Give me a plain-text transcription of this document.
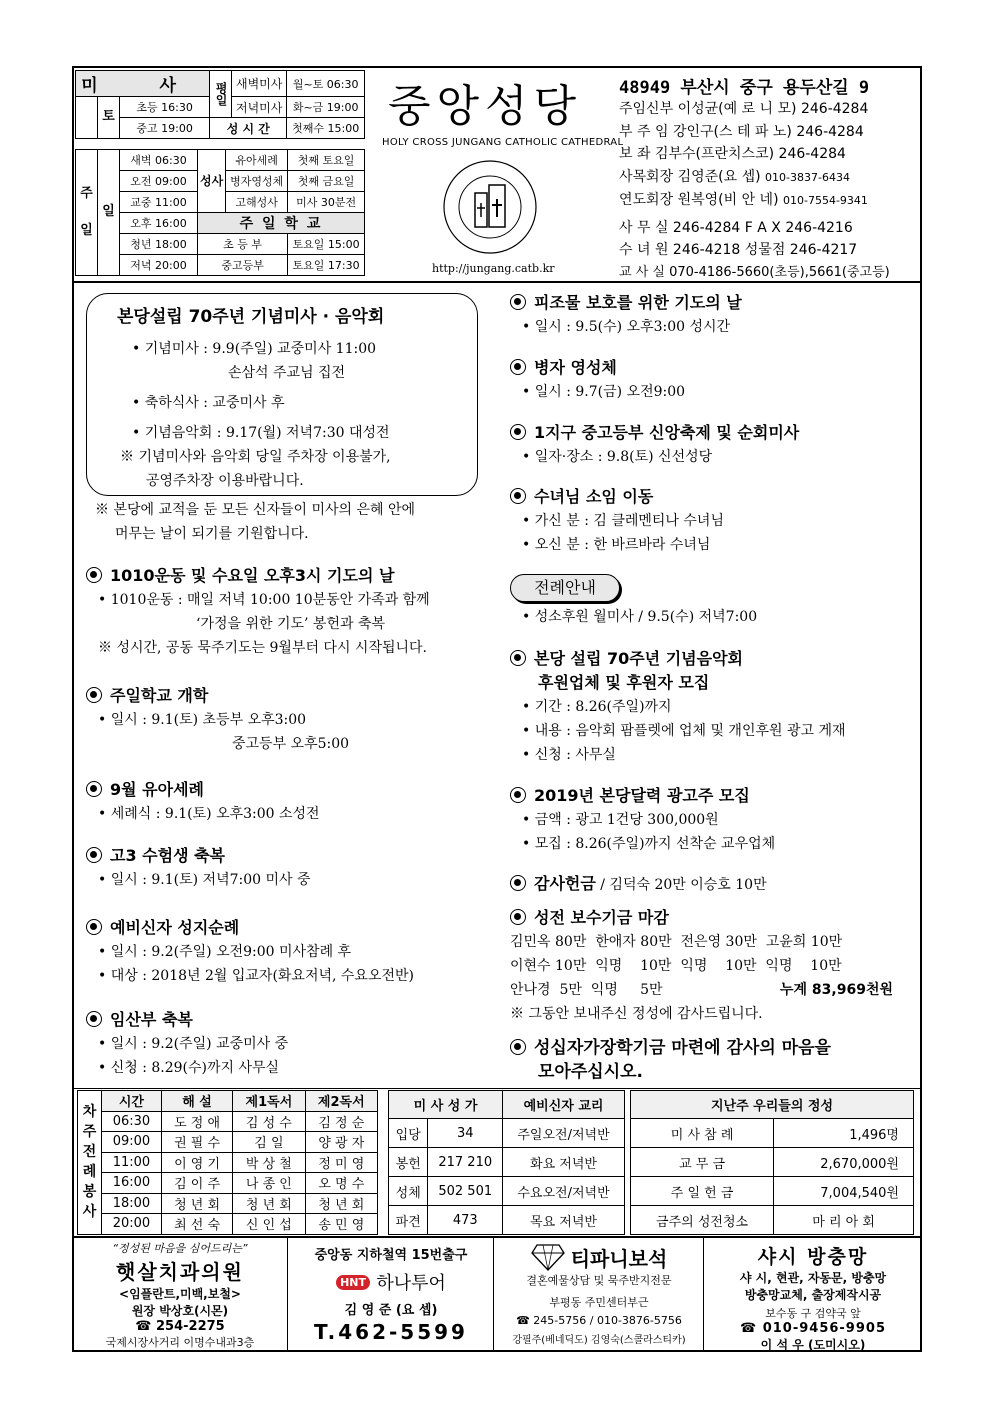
미 사			평일	새벽미사	월~토 06:30
	토	초등 16:30		저녁미사	화~금 19:00
		중고 19:00	성 시 간		첫째수 15:00
주

일	일	새벽 06:30	성사	유아세례	첫째 토요일
		오전 09:00		병자영성체	첫째 금요일
		교중 11:00		고해성사	미사 30분전
		오후 16:00	주 일 학 교		
		청년 18:00	초 등 부		토요일 15:00
		저녁 20:00	중고등부		토요일 17:30
중앙성당
HOLY CROSS JUNGANG CATHOLIC CATHEDRAL
http://jungang.catb.kr
48949 부산시 중구 용두산길 9
주임신부 이성균(예 로 니 모) 246-4284
부 주 임 강인구(스 테 파 노) 246-4284
보 좌 김부수(프란치스코) 246-4284
사목회장 김영준(요 셉) 010-3837-6434
연도회장 원복영(비 안 네) 010-7554-9341
사 무 실 246-4284 F A X 246-4216
수 녀 원 246-4218 성물점 246-4217
교 사 실 070-4186-5660(초등),5661(중고등)
본당설립 70주년 기념미사 · 음악회
• 기념미사 : 9.9(주일) 교중미사 11:00
손삼석 주교님 집전
• 축하식사 : 교중미사 후
• 기념음악회 : 9.17(월) 저녁7:30 대성전
※ 기념미사와 음악회 당일 주차장 이용불가,
공영주차장 이용바랍니다.
※ 본당에 교적을 둔 모든 신자들이 미사의 은혜 안에
머무는 날이 되기를 기원합니다.
1010운동 및 수요일 오후3시 기도의 날
• 1010운동 : 매일 저녁 10:00 10분동안 가족과 함께
‘가정을 위한 기도’ 봉헌과 축복
※ 성시간, 공동 묵주기도는 9월부터 다시 시작됩니다.
주일학교 개학
• 일시 : 9.1(토) 초등부 오후3:00
중고등부 오후5:00
9월 유아세례
• 세례식 : 9.1(토) 오후3:00 소성전
고3 수험생 축복
• 일시 : 9.1(토) 저녁7:00 미사 중
예비신자 성지순례
• 일시 : 9.2(주일) 오전9:00 미사참례 후
• 대상 : 2018년 2월 입교자(화요저녁, 수요오전반)
임산부 축복
• 일시 : 9.2(주일) 교중미사 중
• 신청 : 8.29(수)까지 사무실
피조물 보호를 위한 기도의 날
• 일시 : 9.5(수) 오후3:00 성시간
병자 영성체
• 일시 : 9.7(금) 오전9:00
1지구 중고등부 신앙축제 및 순회미사
• 일자·장소 : 9.8(토) 신선성당
수녀님 소임 이동
• 가신 분 : 김 클레멘티나 수녀님
• 오신 분 : 한 바르바라 수녀님
전례안내
• 성소후원 월미사 / 9.5(수) 저녁7:00
본당 설립 70주년 기념음악회
후원업체 및 후원자 모집
• 기간 : 8.26(주일)까지
• 내용 : 음악회 팜플렛에 업체 및 개인후원 광고 게재
• 신청 : 사무실
2019년 본당달력 광고주 모집
• 금액 : 광고 1건당 300,000원
• 모집 : 8.26(주일)까지 선착순 교우업체
감사헌금 / 김덕숙 20만 이승호 10만
성전 보수기금 마감
김민옥 80만  한애자 80만  전은영 30만  고윤희 10만
이현수 10만  익명    10만  익명    10만  익명    10만
안나경  5만  익명     5만	누계 83,969천원
※ 그동안 보내주신 정성에 감사드립니다.
성십자가장학기금 마련에 감사의 마음을
모아주십시오.
차주전례봉사	시간	해 설	제1독서	제2독서
	06:30	도 정 애	김 성 수	김 정 순
	09:00	권 필 수	김 일	양 광 자
	11:00	이 영 기	박 상 철	정 미 영
	16:00	김 이 주	나 종 인	오 명 수
	18:00	청 년 회	청 년 회	청 년 회
	20:00	최 선 숙	신 인 섭	송 민 영
미 사 성 가		예비신자 교리
입당	34	주일오전/저녁반
봉헌	217 210	화요 저녁반
성체	502 501	수요오전/저녁반
파견	473	목요 저녁반
지난주 우리들의 정성	
미 사 참 례	1,496명
교 무 금	2,670,000원
주 일 헌 금	7,004,540원
금주의 성전청소	마 리 아 회
“정성된 마음을 심어드리는”
햇살치과의원
<임플란트,미백,보철>
원장 박상호(시몬)
☎ 254-2275
국제시장사거리 이명수내과3층
중앙동 지하철역 15번출구
HNT 하나투어
김 영 준 (요 셉)
T.462-5599
티파니보석
결혼예물상담 및 묵주반지전문
부평동 주민센터부근
☎ 245-5756 / 010-3876-5756
강필주(베네딕도) 김영숙(스콜라스티카)
샤시 방충망
샤 시, 현관, 자동문, 방충망
방충망교체, 출장제작시공
보수동 구 검약국 앞
☎ 010-9456-9905
이 석 우 (도미시오)
